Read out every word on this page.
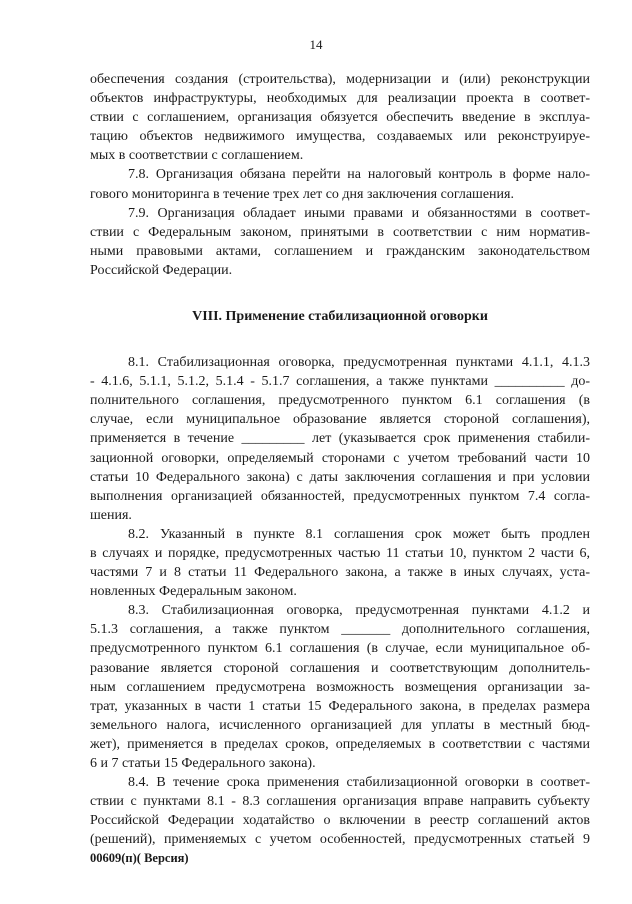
14
обеспечения создания (строительства), модернизации и (или) реконструкции
объектов инфраструктуры, необходимых для реализации проекта в соответ-
ствии с соглашением, организация обязуется обеспечить введение в эксплуа-
тацию объектов недвижимого имущества, создаваемых или реконструируе-
мых в соответствии с соглашением.
7.8. Организация обязана перейти на налоговый контроль в форме нало-
гового мониторинга в течение трех лет со дня заключения соглашения.
7.9. Организация обладает иными правами и обязанностями в соответ-
ствии с Федеральным законом, принятыми в соответствии с ним норматив-
ными правовыми актами, соглашением и гражданским законодательством
Российской Федерации.
VIII. Применение стабилизационной оговорки
8.1. Стабилизационная оговорка, предусмотренная пунктами 4.1.1, 4.1.3
- 4.1.6, 5.1.1, 5.1.2, 5.1.4 - 5.1.7 соглашения, а также пунктами __________ до-
полнительного соглашения, предусмотренного пунктом 6.1 соглашения (в
случае, если муниципальное образование является стороной соглашения),
применяется в течение _________ лет (указывается срок применения стабили-
зационной оговорки, определяемый сторонами с учетом требований части 10
статьи 10 Федерального закона) с даты заключения соглашения и при условии
выполнения организацией обязанностей, предусмотренных пунктом 7.4 согла-
шения.
8.2. Указанный в пункте 8.1 соглашения срок может быть продлен
в случаях и порядке, предусмотренных частью 11 статьи 10, пунктом 2 части 6,
частями 7 и 8 статьи 11 Федерального закона, а также в иных случаях, уста-
новленных Федеральным законом.
8.3. Стабилизационная оговорка, предусмотренная пунктами 4.1.2 и
5.1.3 соглашения, а также пунктом _______ дополнительного соглашения,
предусмотренного пунктом 6.1 соглашения (в случае, если муниципальное об-
разование является стороной соглашения и соответствующим дополнитель-
ным соглашением предусмотрена возможность возмещения организации за-
трат, указанных в части 1 статьи 15 Федерального закона, в пределах размера
земельного налога, исчисленного организацией для уплаты в местный бюд-
жет), применяется в пределах сроков, определяемых в соответствии с частями
6 и 7 статьи 15 Федерального закона).
8.4. В течение срока применения стабилизационной оговорки в соответ-
ствии с пунктами 8.1 - 8.3 соглашения организация вправе направить субъекту
Российской Федерации ходатайство о включении в реестр соглашений актов
(решений), применяемых с учетом особенностей, предусмотренных статьей 9
00609(п)( Версия)
